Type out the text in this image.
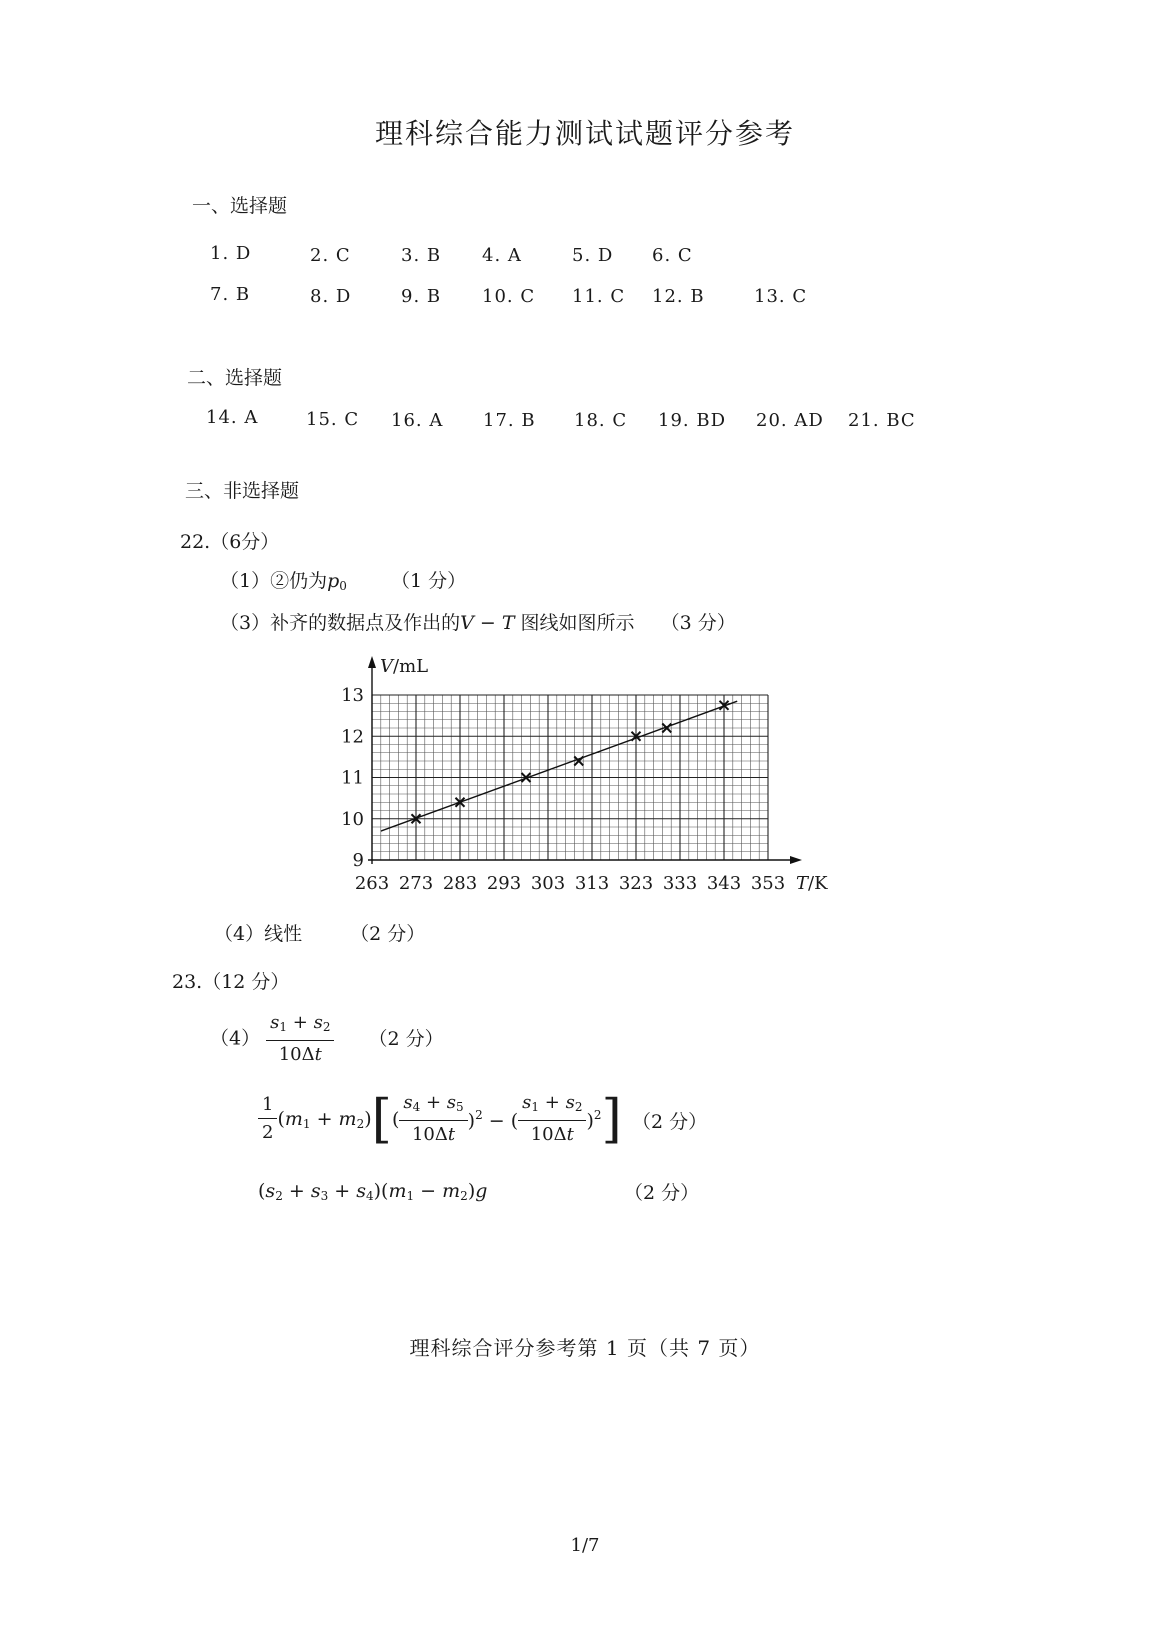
理科综合能力测试试题评分参考
一、选择题
1. D	2. C	3. B 4. A	5. D 6. C
7. B	8. D	9. B 10. C 11. C 12. B	13. C
二、选择题
14. A	15. C 16. A 17. B 18. C 19. BD 20. AD 21. BC
三、非选择题
22.（6分）
（1）②仍为$p_0$ （1 分）
（3）补齐的数据点及作出的V − T 图线如图所示 （3 分）
9
10
11
12
13
263 273 283 293 303 313 323 333 343 353
V/mL
T/K
（4）线性	（2 分）
23.（12 分）
$(4) \frac{s_1 + s_2}{10\Delta t} (2$ 分）
$\frac{1}{2} (m_1 + m_2)[( \frac{s_4 + s_5}{10\Delta t} )^2$ − ( $\frac{s_1 + s_2}{10\Delta t} )^2$] （2 分）
$(s_2 + s_3 + s_4)(m_1 - m_2)g$	（2 分）
理科综合评分参考第 1 页（共 7 页）
1/7
